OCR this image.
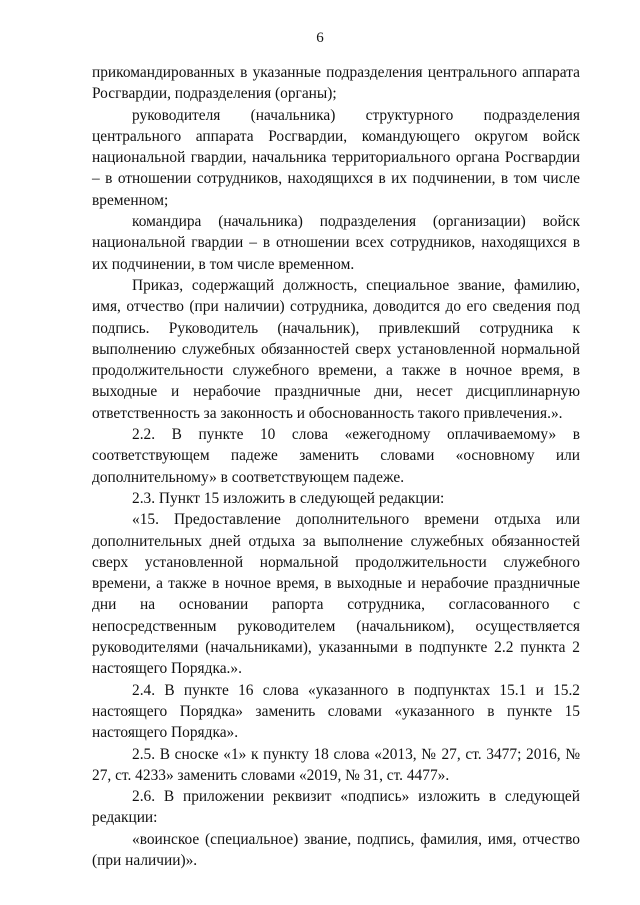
6

прикомандированных в указанные подразделения центрального аппарата Росгвардии, подразделения (органы);

руководителя (начальника) структурного подразделения центрального аппарата Росгвардии, командующего округом войск национальной гвардии, начальника территориального органа Росгвардии – в отношении сотрудников, находящихся в их подчинении, в том числе временном;

командира (начальника) подразделения (организации) войск национальной гвардии – в отношении всех сотрудников, находящихся в их подчинении, в том числе временном.

Приказ, содержащий должность, специальное звание, фамилию, имя, отчество (при наличии) сотрудника, доводится до его сведения под подпись. Руководитель (начальник), привлекший сотрудника к выполнению служебных обязанностей сверх установленной нормальной продолжительности служебного времени, а также в ночное время, в выходные и нерабочие праздничные дни, несет дисциплинарную ответственность за законность и обоснованность такого привлечения.».

2.2. В пункте 10 слова «ежегодному оплачиваемому» в соответствующем падеже заменить словами «основному или дополнительному» в соответствующем падеже.

2.3. Пункт 15 изложить в следующей редакции:

«15. Предоставление дополнительного времени отдыха или дополнительных дней отдыха за выполнение служебных обязанностей сверх установленной нормальной продолжительности служебного времени, а также в ночное время, в выходные и нерабочие праздничные дни на основании рапорта сотрудника, согласованного с непосредственным руководителем (начальником), осуществляется руководителями (начальниками), указанными в подпункте 2.2 пункта 2 настоящего Порядка.».

2.4. В пункте 16 слова «указанного в подпунктах 15.1 и 15.2 настоящего Порядка» заменить словами «указанного в пункте 15 настоящего Порядка».

2.5. В сноске «1» к пункту 18 слова «2013, № 27, ст. 3477; 2016, № 27, ст. 4233» заменить словами «2019, № 31, ст. 4477».

2.6. В приложении реквизит «подпись» изложить в следующей редакции:

«воинское (специальное) звание, подпись, фамилия, имя, отчество (при наличии)».
